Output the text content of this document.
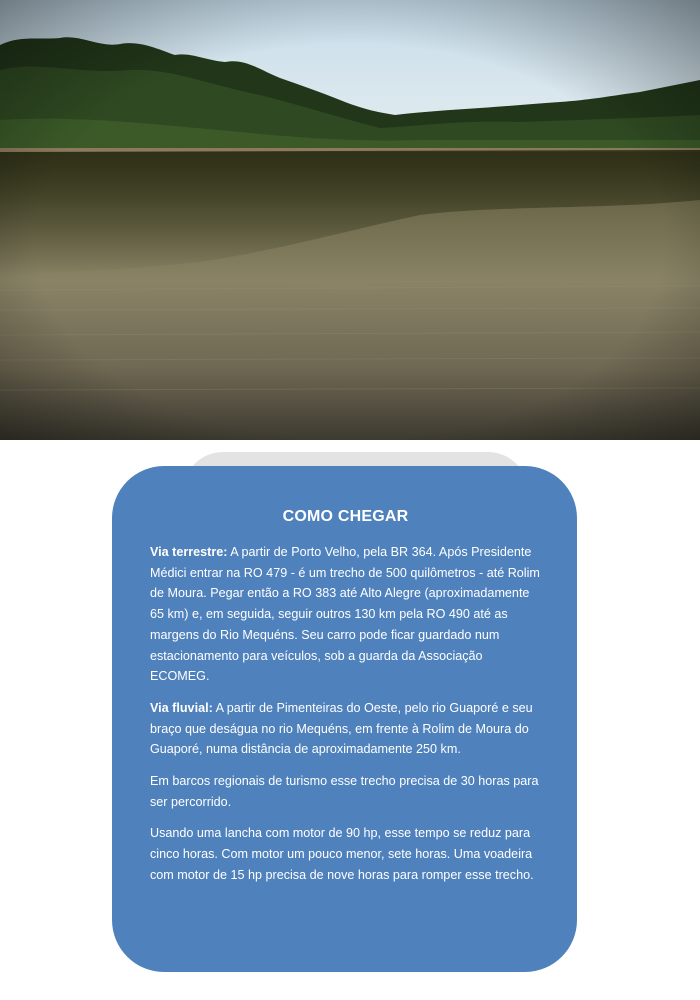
COMO CHEGAR

Via terrestre: A partir de Porto Velho, pela BR 364. Após Presidente Médici entrar na RO 479 - é um trecho de 500 quilômetros - até Rolim de Moura. Pegar então a RO 383 até Alto Alegre (aproximadamente 65 km) e, em seguida, seguir outros 130 km pela RO 490 até as margens do Rio Mequéns. Seu carro pode ficar guardado num estacionamento para veículos, sob a guarda da Associação ECOMEG.

Via fluvial: A partir de Pimenteiras do Oeste, pelo rio Guaporé e seu braço que deságua no rio Mequéns, em frente à Rolim de Moura do Guaporé, numa distância de aproximadamente 250 km.

Em barcos regionais de turismo esse trecho precisa de 30 horas para ser percorrido.

Usando uma lancha com motor de 90 hp, esse tempo se reduz para cinco horas. Com motor um pouco menor, sete horas. Uma voadeira com motor de 15 hp precisa de nove horas para romper esse trecho.
